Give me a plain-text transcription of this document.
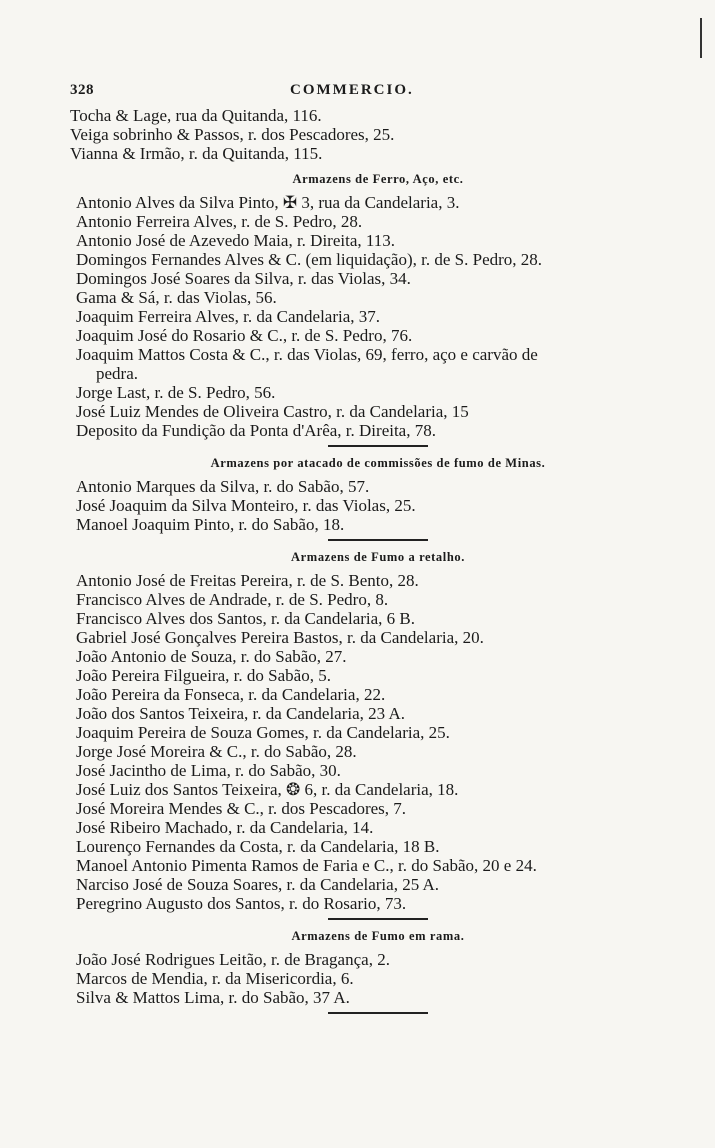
328	COMMERCIO.
Tocha & Lage, rua da Quitanda, 116.
Veiga sobrinho & Passos, r. dos Pescadores, 25.
Vianna & Irmão, r. da Quitanda, 115.
Armazens de Ferro, Aço, etc.
Antonio Alves da Silva Pinto, ✠ 3, rua da Candelaria, 3.
Antonio Ferreira Alves, r. de S. Pedro, 28.
Antonio José de Azevedo Maia, r. Direita, 113.
Domingos Fernandes Alves & C. (em liquidação), r. de S. Pedro, 28.
Domingos José Soares da Silva, r. das Violas, 34.
Gama & Sá, r. das Violas, 56.
Joaquim Ferreira Alves, r. da Candelaria, 37.
Joaquim José do Rosario & C., r. de S. Pedro, 76.
Joaquim Mattos Costa & C., r. das Violas, 69, ferro, aço e carvão de
pedra.
Jorge Last, r. de S. Pedro, 56.
José Luiz Mendes de Oliveira Castro, r. da Candelaria, 15
Deposito da Fundição da Ponta d'Arêa, r. Direita, 78.
Armazens por atacado de commissões de fumo de Minas.
Antonio Marques da Silva, r. do Sabão, 57.
José Joaquim da Silva Monteiro, r. das Violas, 25.
Manoel Joaquim Pinto, r. do Sabão, 18.
Armazens de Fumo a retalho.
Antonio José de Freitas Pereira, r. de S. Bento, 28.
Francisco Alves de Andrade, r. de S. Pedro, 8.
Francisco Alves dos Santos, r. da Candelaria, 6 B.
Gabriel José Gonçalves Pereira Bastos, r. da Candelaria, 20.
João Antonio de Souza, r. do Sabão, 27.
João Pereira Filgueira, r. do Sabão, 5.
João Pereira da Fonseca, r. da Candelaria, 22.
João dos Santos Teixeira, r. da Candelaria, 23 A.
Joaquim Pereira de Souza Gomes, r. da Candelaria, 25.
Jorge José Moreira & C., r. do Sabão, 28.
José Jacintho de Lima, r. do Sabão, 30.
José Luiz dos Santos Teixeira, ❂ 6, r. da Candelaria, 18.
José Moreira Mendes & C., r. dos Pescadores, 7.
José Ribeiro Machado, r. da Candelaria, 14.
Lourenço Fernandes da Costa, r. da Candelaria, 18 B.
Manoel Antonio Pimenta Ramos de Faria e C., r. do Sabão, 20 e 24.
Narciso José de Souza Soares, r. da Candelaria, 25 A.
Peregrino Augusto dos Santos, r. do Rosario, 73.
Armazens de Fumo em rama.
João José Rodrigues Leitão, r. de Bragança, 2.
Marcos de Mendia, r. da Misericordia, 6.
Silva & Mattos Lima, r. do Sabão, 37 A.
